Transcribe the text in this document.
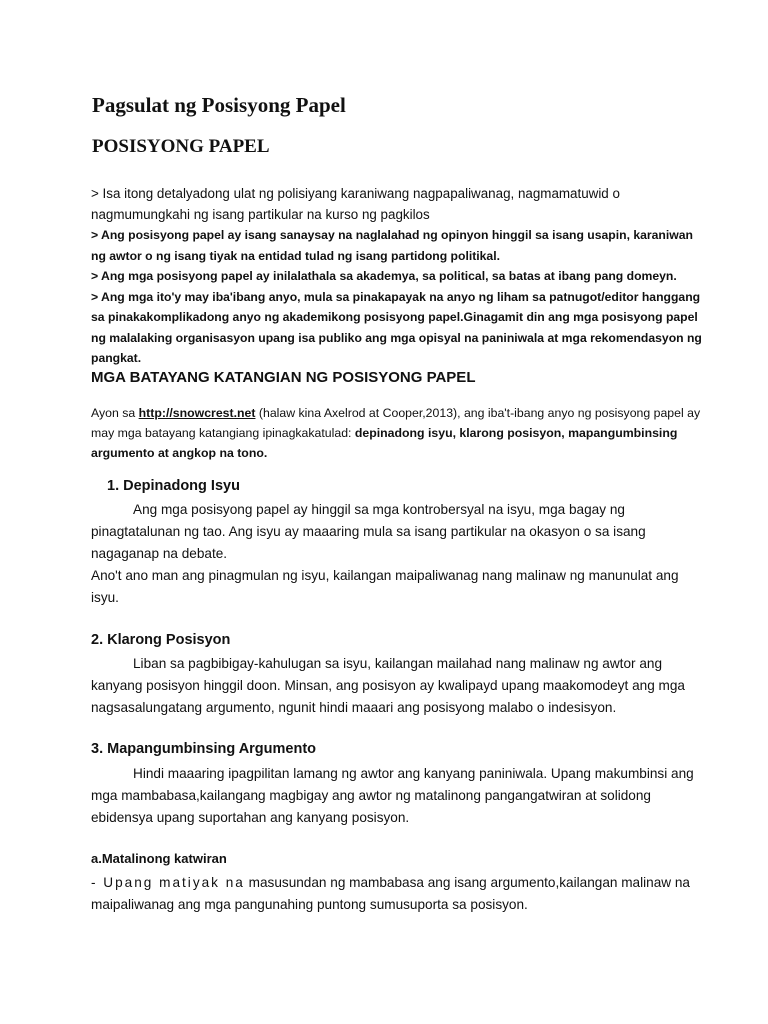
Pagsulat ng Posisyong Papel
POSISYONG PAPEL

> Isa itong detalyadong ulat ng polisiyang karaniwang nagpapaliwanag, nagmamatuwid o nagmumungkahi ng isang partikular na kurso ng pagkilos

> Ang posisyong papel ay isang sanaysay na naglalahad ng opinyon hinggil sa isang usapin, karaniwan ng awtor o ng isang tiyak na entidad tulad ng isang partidong politikal.

> Ang mga posisyong papel ay inilalathala sa akademya, sa political, sa batas at ibang pang domeyn.

> Ang mga ito'y may iba'ibang anyo, mula sa pinakapayak na anyo ng liham sa patnugot/editor hanggang sa pinakakomplikadong anyo ng akademikong posisyong papel.Ginagamit din ang mga posisyong papel ng malalaking organisasyon upang isa publiko ang mga opisyal na paniniwala at mga rekomendasyon ng pangkat.

MGA BATAYANG KATANGIAN NG POSISYONG PAPEL

Ayon sa http://snowcrest.net (halaw kina Axelrod at Cooper,2013), ang iba't-ibang anyo ng posisyong papel ay may mga batayang katangiang ipinagkakatulad: depinadong isyu, klarong posisyon, mapangumbinsing argumento at angkop na tono.

1. Depinadong Isyu

Ang mga posisyong papel ay hinggil sa mga kontrobersyal na isyu, mga bagay ng pinagtatalunan ng tao. Ang isyu ay maaaring mula sa isang partikular na okasyon o sa isang nagaganap na debate.

Ano't ano man ang pinagmulan ng isyu, kailangan maipaliwanag nang malinaw ng manunulat ang isyu.

2. Klarong Posisyon

Liban sa pagbibigay-kahulugan sa isyu, kailangan mailahad nang malinaw ng awtor ang kanyang posisyon hinggil doon. Minsan, ang posisyon ay kwalipayd upang maakomodeyt ang mga nagsasalungatang argumento, ngunit hindi maaari ang posisyong malabo o indesisyon.

3. Mapangumbinsing Argumento

Hindi maaaring ipagpilitan lamang ng awtor ang kanyang paniniwala. Upang makumbinsi ang mga mambabasa,kailangang magbigay ang awtor ng matalinong pangangatwiran at solidong ebidensya upang suportahan ang kanyang posisyon.

a.Matalinong katwiran

- Upang matiyak na masusundan ng mambabasa ang isang argumento,kailangan malinaw na maipaliwanag ang mga pangunahing puntong sumusuporta sa posisyon.
